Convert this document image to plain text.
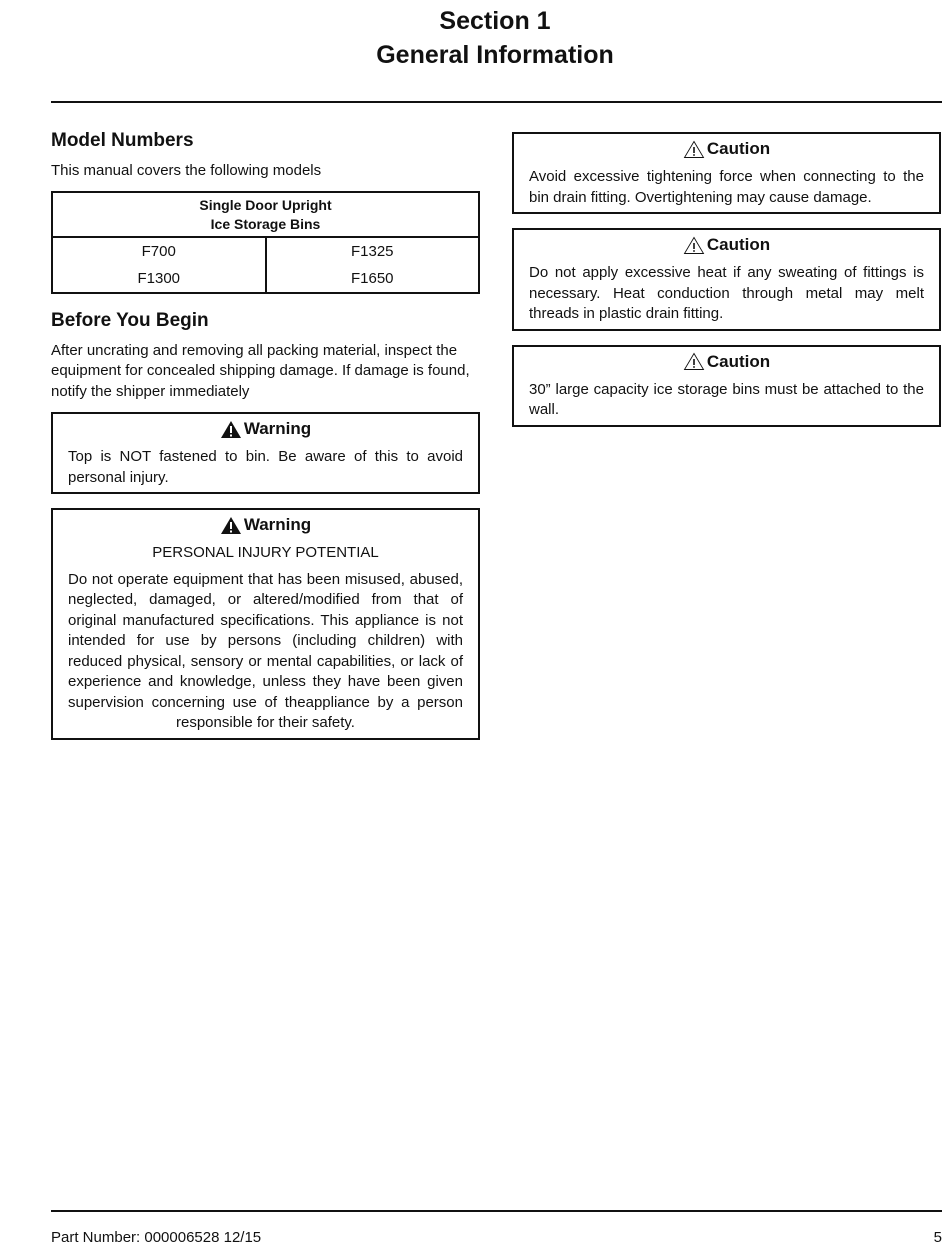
Section 1
General Information
Model Numbers

This manual covers the following models

Single Door Upright
Ice Storage Bins	

F700	F1325
F1300	F1650
Before You Begin

After uncrating and removing all packing material, inspect the equipment for concealed shipping damage. If damage is found, notify the shipper immediately

Warning
Top is NOT fastened to bin. Be aware of this to avoid personal injury.
Warning
PERSONAL INJURY POTENTIAL
Do not operate equipment that has been misused, abused, neglected, damaged, or altered/modified from that of original manufactured specifications. This appliance is not intended for use by persons (including children) with reduced physical, sensory or mental capabilities, or lack of experience and knowledge, unless they have been given supervision concerning use of theappliance by a person responsible for their safety.
Caution
Avoid excessive tightening force when connecting to the bin drain fitting. Overtightening may cause damage.
Caution
Do not apply excessive heat if any sweating of fittings is necessary. Heat conduction through metal may melt threads in plastic drain fitting.
Caution
30” large capacity ice storage bins must be attached to the wall.
Part Number: 000006528 12/15	5
